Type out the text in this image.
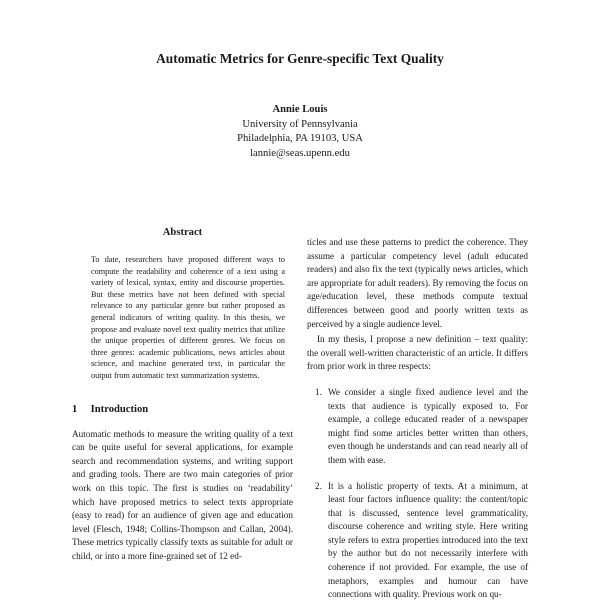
Automatic Metrics for Genre-specific Text Quality
Annie Louis
University of Pennsylvania
Philadelphia, PA 19103, USA
lannie@seas.upenn.edu
Abstract

To date, researchers have proposed different ways to compute the readability and coherence of a text using a variety of lexical, syntax, entity and discourse properties. But these metrics have not been defined with special relevance to any particular genre but rather proposed as general indicators of writing quality. In this thesis, we propose and evaluate novel text quality metrics that utilize the unique properties of different genres. We focus on three genres: academic publications, news articles about science, and machine generated text, in particular the output from automatic text summarization systems.

1 Introduction

Automatic methods to measure the writing quality of a text can be quite useful for several applications, for example search and recommendation systems, and writing support and grading tools. There are two main categories of prior work on this topic. The first is studies on ‘readability’ which have proposed metrics to select texts appropriate (easy to read) for an audience of given age and education level (Flesch, 1948; Collins-Thompson and Callan, 2004). These metrics typically classify texts as suitable for adult or child, or into a more fine-grained set of 12 ed-

ticles and use these patterns to predict the coherence. They assume a particular competency level (adult educated readers) and also fix the text (typically news articles, which are appropriate for adult readers). By removing the focus on age/education level, these methods compute textual differences between good and poorly written texts as perceived by a single audience level.

In my thesis, I propose a new definition – text quality: the overall well-written characteristic of an article. It differs from prior work in three respects:

1. We consider a single fixed audience level and the texts that audience is typically exposed to. For example, a college educated reader of a newspaper might find some articles better written than others, even though he understands and can read nearly all of them with ease.
2. It is a holistic property of texts. At a minimum, at least four factors influence quality: the content/topic that is discussed, sentence level grammaticality, discourse coherence and writing style. Here writing style refers to extra properties introduced into the text by the author but do not necessarily interfere with coherence if not provided. For example, the use of metaphors, examples and humour can have connections with quality. Previous work on qu-
